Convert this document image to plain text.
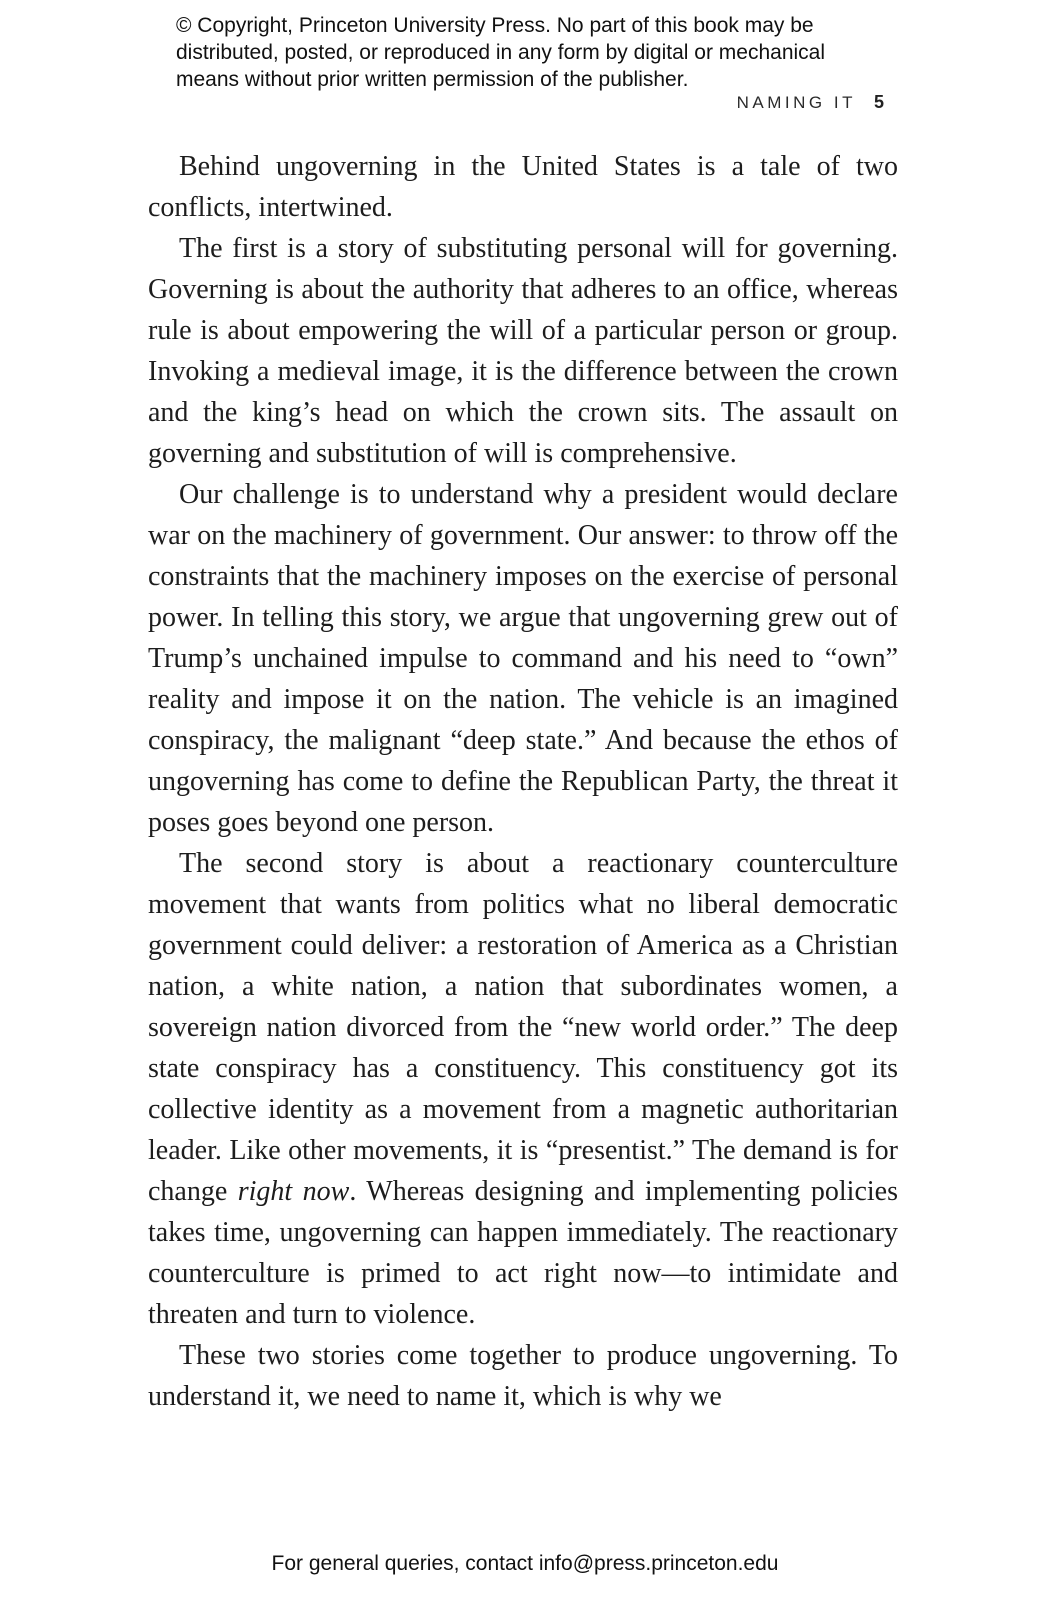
© Copyright, Princeton University Press. No part of this book may be
distributed, posted, or reproduced in any form by digital or mechanical
means without prior written permission of the publisher.
NAMING IT 5

Behind ungoverning in the United States is a tale of two conflicts, intertwined.

The first is a story of substituting personal will for governing. Governing is about the authority that adheres to an office, whereas rule is about empowering the will of a particular person or group. Invoking a medieval image, it is the difference between the crown and the king’s head on which the crown sits. The assault on governing and substitution of will is comprehensive.

Our challenge is to understand why a president would declare war on the machinery of government. Our answer: to throw off the constraints that the machinery imposes on the exercise of personal power. In telling this story, we argue that ungoverning grew out of Trump’s unchained impulse to command and his need to “own” reality and impose it on the nation. The vehicle is an imagined conspiracy, the malignant “deep state.” And because the ethos of ungoverning has come to define the Republican Party, the threat it poses goes beyond one person.

The second story is about a reactionary counterculture movement that wants from politics what no liberal democratic government could deliver: a restoration of America as a Christian nation, a white nation, a nation that subordinates women, a sovereign nation divorced from the “new world order.” The deep state conspiracy has a constituency. This constituency got its collective identity as a movement from a magnetic authoritarian leader. Like other movements, it is “presentist.” The demand is for change right now. Whereas designing and implementing policies takes time, ungoverning can happen immediately. The reactionary counterculture is primed to act right now—to intimidate and threaten and turn to violence.

These two stories come together to produce ungoverning. To understand it, we need to name it, which is why we

For general queries, contact info@press.princeton.edu
